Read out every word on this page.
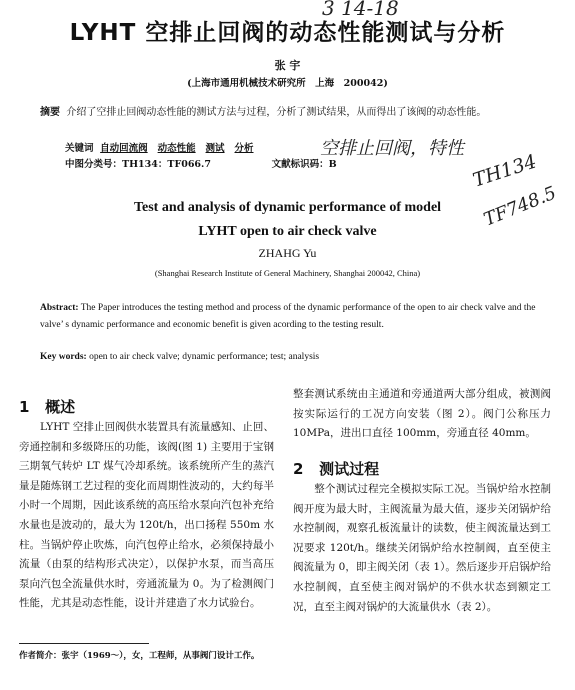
3 14-18
空排止回阀，特性
TH134
TF748.5
LYHT 空排止回阀的动态性能测试与分析
张 宇
(上海市通用机械技术研究所　上海　200042)
摘要 介绍了空排止回阀动态性能的测试方法与过程，分析了测试结果，从而得出了该阀的动态性能。
关键词 自动回流阀 动态性能 测试 分析
中图分类号：TH134：TF066.7	文献标识码：B
Test and analysis of dynamic performance of model
LYHT open to air check valve
ZHAHG Yu
(Shanghai Research Institute of General Machinery, Shanghai 200042, China)
Abstract: The Paper introduces the testing method and process of the dynamic performance of the open to air check valve and the valve’ s dynamic performance and economic benefit is given acording to the testing result.
Key words: open to air check valve; dynamic performance; test; analysis
1 概述
LYHT 空排止回阀供水装置具有流量感知、止回、旁通控制和多级降压的功能，该阀(图 1) 主要用于宝钢三期氧气转炉 LT 煤气冷却系统。该系统所产生的蒸汽量是随炼钢工艺过程的变化而周期性波动的，大约每半小时一个周期，因此该系统的高压给水泵向汽包补充给水量也是波动的，最大为 120t/h，出口扬程 550m 水柱。当锅炉停止吹炼，向汽包停止给水，必须保持最小流量（由泵的结构形式决定），以保护水泵，而当高压泵向汽包全流量供水时，旁通流量为 0。为了检测阀门性能，尤其是动态性能，设计并建造了水力试验台。
整套测试系统由主通道和旁通道两大部分组成，被测阀按实际运行的工况方向安装（图 2）。阀门公称压力 10MPa，进出口直径 100mm，旁通直径 40mm。
2 测试过程
整个测试过程完全模拟实际工况。当锅炉给水控制阀开度为最大时，主阀流量为最大值，逐步关闭锅炉给水控制阀，观察孔板流量计的读数，使主阀流量达到工况要求 120t/h。继续关闭锅炉给水控制阀，直至使主阀流量为 0，即主阀关闭（表 1）。然后逐步开启锅炉给水控制阀，直至使主阀对锅炉的不供水状态到额定工况，直至主阀对锅炉的大流量供水（表 2）。
作者简介：张宇（1969～），女，工程师，从事阀门设计工作。
